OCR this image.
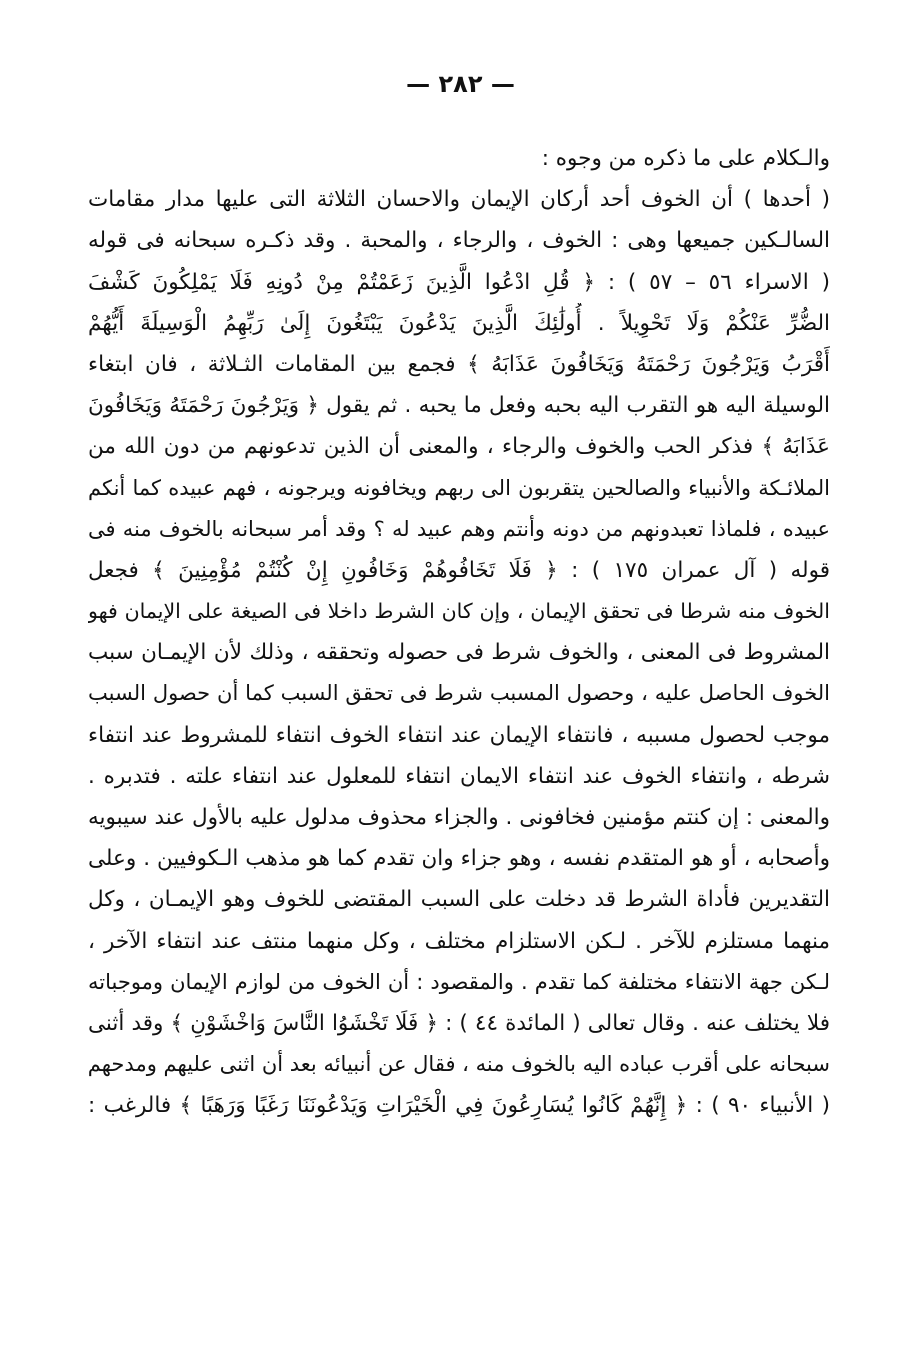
— ٢٨٢ —
والـكلام على ما ذكره من وجوه :
( أحدها ) أن الخوف أحد أركان الإيمان والاحسان الثلاثة التى عليها مدار مقامات
السالـكين جميعها وهى : الخوف ، والرجاء ، والمحبة . وقد ذكـره سبحانه فى قوله
( الاسراء ٥٦ – ٥٧ ) : ﴿ قُلِ ادْعُوا الَّذِينَ زَعَمْتُمْ مِنْ دُونِهِ فَلَا يَمْلِكُونَ كَشْفَ
الضُّرِّ عَنْكُمْ وَلَا تَحْوِيلاً . أُولَٰئِكَ الَّذِينَ يَدْعُونَ يَبْتَغُونَ إِلَىٰ رَبِّهِمُ الْوَسِيلَةَ أَيُّهُمْ
أَقْرَبُ وَيَرْجُونَ رَحْمَتَهُ وَيَخَافُونَ عَذَابَهُ ﴾ فجمع بين المقامات الثـلاثة ، فان ابتغاء
الوسيلة اليه هو التقرب اليه بحبه وفعل ما يحبه . ثم يقول ﴿ وَيَرْجُونَ رَحْمَتَهُ وَيَخَافُونَ
عَذَابَهُ ﴾ فذكر الحب والخوف والرجاء ، والمعنى أن الذين تدعونهم من دون الله من
الملائـكة والأنبياء والصالحين يتقربون الى ربهم ويخافونه ويرجونه ، فهم عبيده كما أنكم
عبيده ، فلماذا تعبدونهم من دونه وأنتم وهم عبيد له ؟ وقد أمر سبحانه بالخوف منه فى
قوله ( آل عمران ١٧٥ ) : ﴿ فَلَا تَخَافُوهُمْ وَخَافُونِ إِنْ كُنْتُمْ مُؤْمِنِينَ ﴾ فجعل
الخوف منه شرطا فى تحقق الإيمان ، وإن كان الشرط داخلا فى الصيغة على الإيمان فهو
المشروط فى المعنى ، والخوف شرط فى حصوله وتحققه ، وذلك لأن الإيمـان سبب
الخوف الحاصل عليه ، وحصول المسبب شرط فى تحقق السبب كما أن حصول السبب
موجب لحصول مسببه ، فانتفاء الإيمان عند انتفاء الخوف انتفاء للمشروط عند انتفاء
شرطه ، وانتفاء الخوف عند انتفاء الايمان انتفاء للمعلول عند انتفاء علته . فتدبره .
والمعنى : إن كنتم مؤمنين فخافونى . والجزاء محذوف مدلول عليه بالأول عند سيبويه
وأصحابه ، أو هو المتقدم نفسه ، وهو جزاء وان تقدم كما هو مذهب الـكوفيين . وعلى
التقديرين فأداة الشرط قد دخلت على السبب المقتضى للخوف وهو الإيمـان ، وكل
منهما مستلزم للآخر . لـكن الاستلزام مختلف ، وكل منهما منتف عند انتفاء الآخر ،
لـكن جهة الانتفاء مختلفة كما تقدم . والمقصود : أن الخوف من لوازم الإيمان وموجباته
فلا يختلف عنه . وقال تعالى ( المائدة ٤٤ ) : ﴿ فَلَا تَخْشَوُا النَّاسَ وَاخْشَوْنِ ﴾ وقد أثنى
سبحانه على أقرب عباده اليه بالخوف منه ، فقال عن أنبيائه بعد أن اثنى عليهم ومدحهم
( الأنبياء ٩٠ ) : ﴿ إِنَّهُمْ كَانُوا يُسَارِعُونَ فِي الْخَيْرَاتِ وَيَدْعُونَنَا رَغَبًا وَرَهَبًا ﴾ فالرغب :
